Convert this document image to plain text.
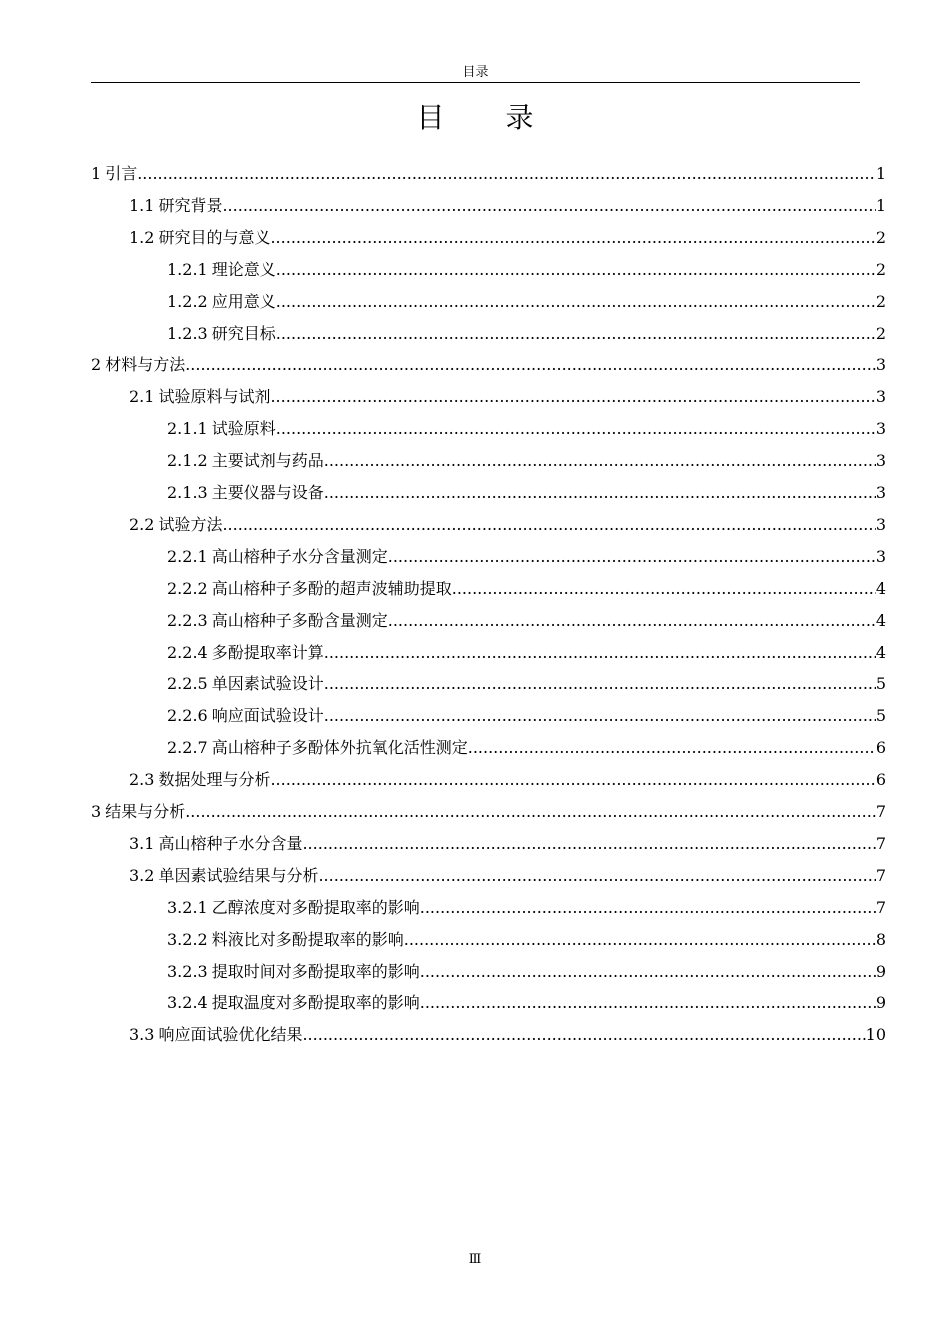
目录
目 录
1 引言 .....	1
1.1 研究背景 .....	1
1.2 研究目的与意义 .....	2
1.2.1 理论意义 .....	2
1.2.2 应用意义 .....	2
1.2.3 研究目标 .....	2
2 材料与方法 .....	3
2.1 试验原料与试剂 .....	3
2.1.1 试验原料 .....	3
2.1.2 主要试剂与药品 .....	3
2.1.3 主要仪器与设备 .....	3
2.2 试验方法 .....	3
2.2.1 高山榕种子水分含量测定 .....	3
2.2.2 高山榕种子多酚的超声波辅助提取 .....	4
2.2.3 高山榕种子多酚含量测定 .....	4
2.2.4 多酚提取率计算 .....	4
2.2.5 单因素试验设计 .....	5
2.2.6 响应面试验设计 .....	5
2.2.7 高山榕种子多酚体外抗氧化活性测定 .....	6
2.3 数据处理与分析 .....	6
3 结果与分析 .....	7
3.1 高山榕种子水分含量 .....	7
3.2 单因素试验结果与分析 .....	7
3.2.1 乙醇浓度对多酚提取率的影响 .....	7
3.2.2 料液比对多酚提取率的影响 .....	8
3.2.3 提取时间对多酚提取率的影响 .....	9
3.2.4 提取温度对多酚提取率的影响 .....	9
3.3 响应面试验优化结果 .....	10
Ⅲ
